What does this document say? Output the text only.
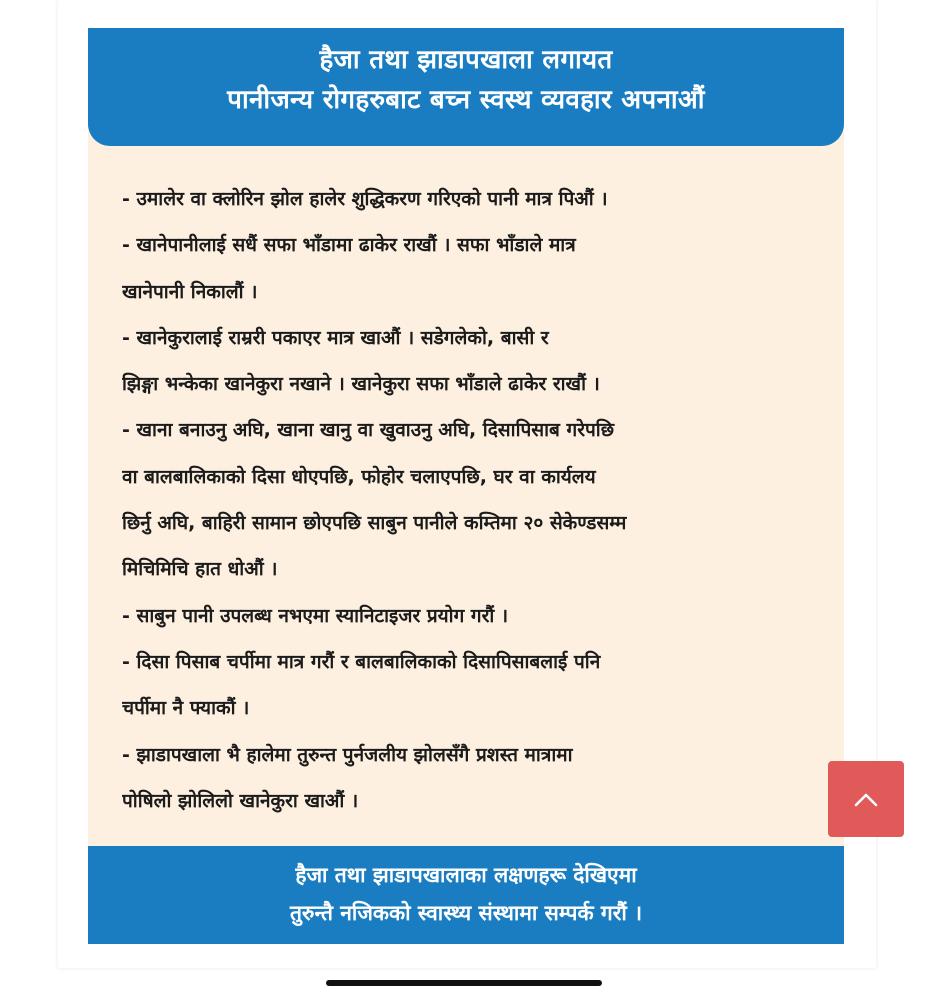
हैजा तथा झाडापखाला लगायत
पानीजन्य रोगहरुबाट बच्न स्वस्थ व्यवहार अपनाऔं
- उमालेर वा क्लोरिन झोल हालेर शुद्धिकरण गरिएको पानी मात्र पिऔं ।
- खानेपानीलाई सधैं सफा भाँडामा ढाकेर राखौं । सफा भाँडाले मात्र
खानेपानी निकालौं ।
- खानेकुरालाई राम्ररी पकाएर मात्र खाऔं । सडेगलेको, बासी र
झिङ्गा भन्केका खानेकुरा नखाने । खानेकुरा सफा भाँडाले ढाकेर राखौं ।
- खाना बनाउनु अघि, खाना खानु वा खुवाउनु अघि, दिसापिसाब गरेपछि
वा बालबालिकाको दिसा धोएपछि, फोहोर चलाएपछि, घर वा कार्यलय
छिर्नु अघि, बाहिरी सामान छोएपछि साबुन पानीले कम्तिमा २० सेकेण्डसम्म
मिचिमिचि हात धोऔं ।
- साबुन पानी उपलब्ध नभएमा स्यानिटाइजर प्रयोग गरौं ।
- दिसा पिसाब चर्पीमा मात्र गरौं र बालबालिकाको दिसापिसाबलाई पनि
चर्पीमा नै फ्याकौं ।
- झाडापखाला भै हालेमा तुरुन्त पुर्नजलीय झोलसँगै प्रशस्त मात्रामा
पोषिलो झोलिलो खानेकुरा खाऔं ।
हैजा तथा झाडापखालाका लक्षणहरू देखिएमा
तुरुन्तै नजिकको स्वास्थ्य संस्थामा सम्पर्क गरौं ।
